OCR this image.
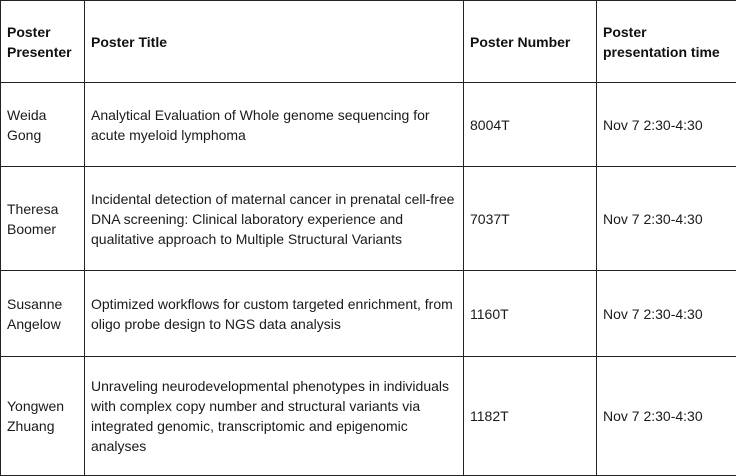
Poster Presenter	Poster Title	Poster Number	Poster presentation time
Weida Gong	Analytical Evaluation of Whole genome sequencing for acute myeloid lymphoma	8004T	Nov 7 2:30-4:30
Theresa Boomer	Incidental detection of maternal cancer in prenatal cell-free DNA screening: Clinical laboratory experience and qualitative approach to Multiple Structural Variants	7037T	Nov 7 2:30-4:30
Susanne Angelow	Optimized workflows for custom targeted enrichment, from oligo probe design to NGS data analysis	1160T	Nov 7 2:30-4:30
Yongwen Zhuang	Unraveling neurodevelopmental phenotypes in individuals with complex copy number and structural variants via integrated genomic, transcriptomic and epigenomic analyses	1182T	Nov 7 2:30-4:30
